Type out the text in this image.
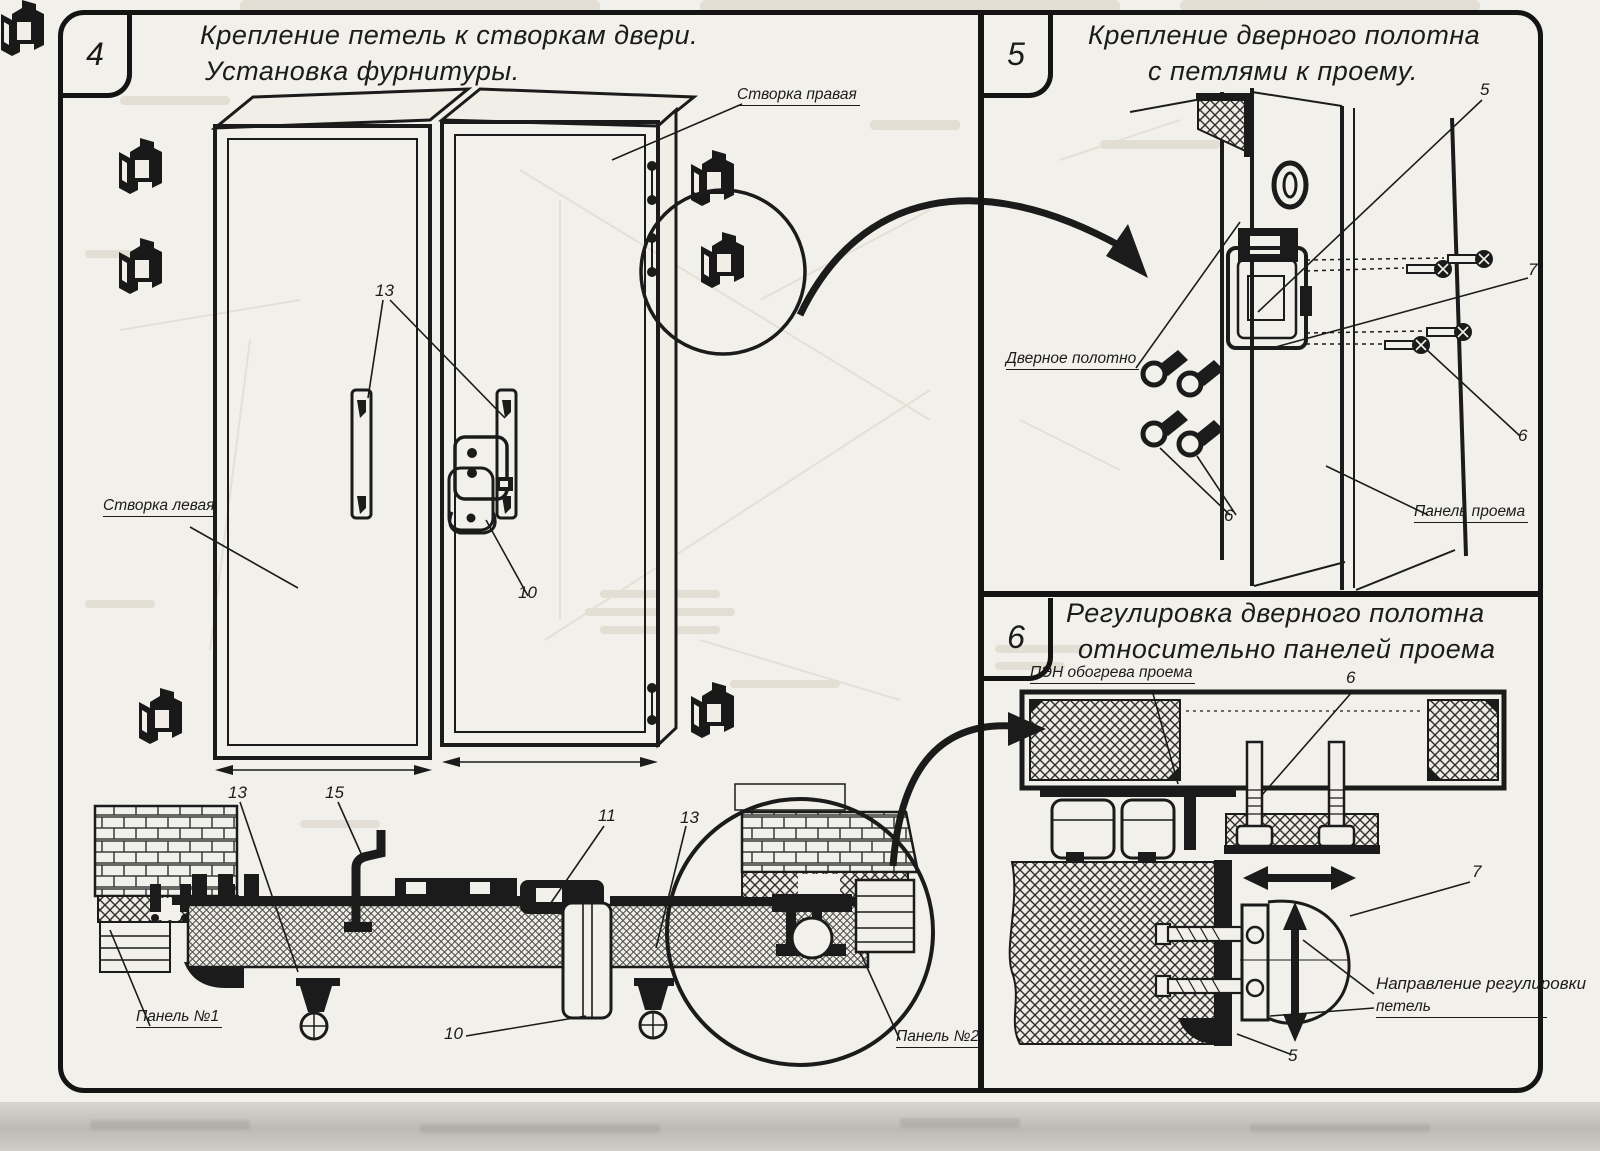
4	5
6
Крепление петель к створкам двери.
Установка фурнитуры.
Крепление дверного полотна
с петлями к проему.
Регулировка дверного полотна
относительно панелей проема
Створка правая
Створка левая
13
10
13	15
11	13
10
Панель №1
Панель №2
5
7
6
6
Дверное полотно
Панель проема
ПЭН обогрева проема	6
7
Направление регулировки
петель
5
